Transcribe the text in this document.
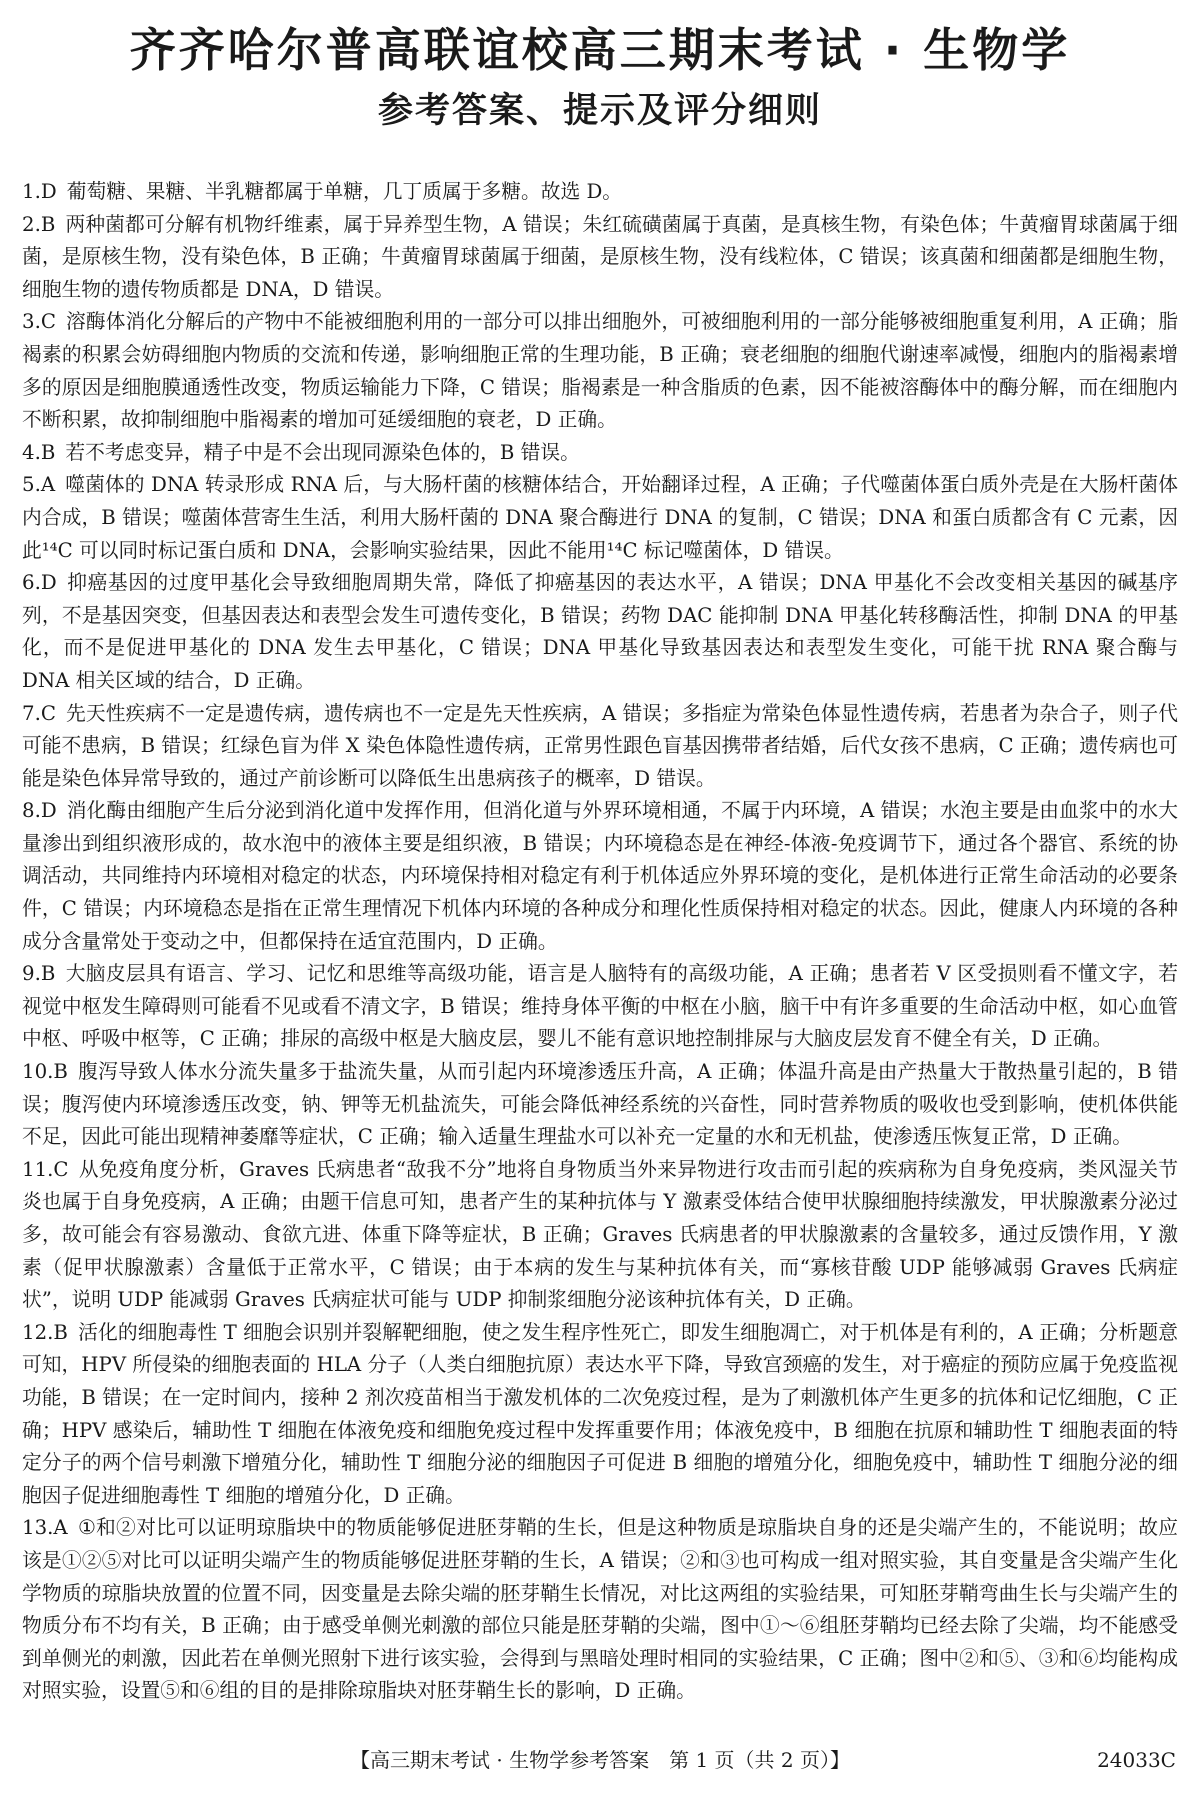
齐齐哈尔普高联谊校高三期末考试 · 生物学
参考答案、提示及评分细则
1.D 葡萄糖、果糖、半乳糖都属于单糖，几丁质属于多糖。故选 D。
2.B 两种菌都可分解有机物纤维素，属于异养型生物，A 错误；朱红硫磺菌属于真菌，是真核生物，有染色体；牛黄瘤胃球菌属于细菌，是原核生物，没有染色体，B 正确；牛黄瘤胃球菌属于细菌，是原核生物，没有线粒体，C 错误；该真菌和细菌都是细胞生物，细胞生物的遗传物质都是 DNA，D 错误。
3.C 溶酶体消化分解后的产物中不能被细胞利用的一部分可以排出细胞外，可被细胞利用的一部分能够被细胞重复利用，A 正确；脂褐素的积累会妨碍细胞内物质的交流和传递，影响细胞正常的生理功能，B 正确；衰老细胞的细胞代谢速率减慢，细胞内的脂褐素增多的原因是细胞膜通透性改变，物质运输能力下降，C 错误；脂褐素是一种含脂质的色素，因不能被溶酶体中的酶分解，而在细胞内不断积累，故抑制细胞中脂褐素的增加可延缓细胞的衰老，D 正确。
4.B 若不考虑变异，精子中是不会出现同源染色体的，B 错误。
5.A 噬菌体的 DNA 转录形成 RNA 后，与大肠杆菌的核糖体结合，开始翻译过程，A 正确；子代噬菌体蛋白质外壳是在大肠杆菌体内合成，B 错误；噬菌体营寄生生活，利用大肠杆菌的 DNA 聚合酶进行 DNA 的复制，C 错误；DNA 和蛋白质都含有 C 元素，因此¹⁴C 可以同时标记蛋白质和 DNA，会影响实验结果，因此不能用¹⁴C 标记噬菌体，D 错误。
6.D 抑癌基因的过度甲基化会导致细胞周期失常，降低了抑癌基因的表达水平，A 错误；DNA 甲基化不会改变相关基因的碱基序列，不是基因突变，但基因表达和表型会发生可遗传变化，B 错误；药物 DAC 能抑制 DNA 甲基化转移酶活性，抑制 DNA 的甲基化，而不是促进甲基化的 DNA 发生去甲基化，C 错误；DNA 甲基化导致基因表达和表型发生变化，可能干扰 RNA 聚合酶与 DNA 相关区域的结合，D 正确。
7.C 先天性疾病不一定是遗传病，遗传病也不一定是先天性疾病，A 错误；多指症为常染色体显性遗传病，若患者为杂合子，则子代可能不患病，B 错误；红绿色盲为伴 X 染色体隐性遗传病，正常男性跟色盲基因携带者结婚，后代女孩不患病，C 正确；遗传病也可能是染色体异常导致的，通过产前诊断可以降低生出患病孩子的概率，D 错误。
8.D 消化酶由细胞产生后分泌到消化道中发挥作用，但消化道与外界环境相通，不属于内环境，A 错误；水泡主要是由血浆中的水大量渗出到组织液形成的，故水泡中的液体主要是组织液，B 错误；内环境稳态是在神经-体液-免疫调节下，通过各个器官、系统的协调活动，共同维持内环境相对稳定的状态，内环境保持相对稳定有利于机体适应外界环境的变化，是机体进行正常生命活动的必要条件，C 错误；内环境稳态是指在正常生理情况下机体内环境的各种成分和理化性质保持相对稳定的状态。因此，健康人内环境的各种成分含量常处于变动之中，但都保持在适宜范围内，D 正确。
9.B 大脑皮层具有语言、学习、记忆和思维等高级功能，语言是人脑特有的高级功能，A 正确；患者若 V 区受损则看不懂文字，若视觉中枢发生障碍则可能看不见或看不清文字，B 错误；维持身体平衡的中枢在小脑，脑干中有许多重要的生命活动中枢，如心血管中枢、呼吸中枢等，C 正确；排尿的高级中枢是大脑皮层，婴儿不能有意识地控制排尿与大脑皮层发育不健全有关，D 正确。
10.B 腹泻导致人体水分流失量多于盐流失量，从而引起内环境渗透压升高，A 正确；体温升高是由产热量大于散热量引起的，B 错误；腹泻使内环境渗透压改变，钠、钾等无机盐流失，可能会降低神经系统的兴奋性，同时营养物质的吸收也受到影响，使机体供能不足，因此可能出现精神萎靡等症状，C 正确；输入适量生理盐水可以补充一定量的水和无机盐，使渗透压恢复正常，D 正确。
11.C 从免疫角度分析，Graves 氏病患者“敌我不分”地将自身物质当外来异物进行攻击而引起的疾病称为自身免疫病，类风湿关节炎也属于自身免疫病，A 正确；由题干信息可知，患者产生的某种抗体与 Y 激素受体结合使甲状腺细胞持续激发，甲状腺激素分泌过多，故可能会有容易激动、食欲亢进、体重下降等症状，B 正确；Graves 氏病患者的甲状腺激素的含量较多，通过反馈作用，Y 激素（促甲状腺激素）含量低于正常水平，C 错误；由于本病的发生与某种抗体有关，而“寡核苷酸 UDP 能够减弱 Graves 氏病症状”，说明 UDP 能减弱 Graves 氏病症状可能与 UDP 抑制浆细胞分泌该种抗体有关，D 正确。
12.B 活化的细胞毒性 T 细胞会识别并裂解靶细胞，使之发生程序性死亡，即发生细胞凋亡，对于机体是有利的，A 正确；分析题意可知，HPV 所侵染的细胞表面的 HLA 分子（人类白细胞抗原）表达水平下降，导致宫颈癌的发生，对于癌症的预防应属于免疫监视功能，B 错误；在一定时间内，接种 2 剂次疫苗相当于激发机体的二次免疫过程，是为了刺激机体产生更多的抗体和记忆细胞，C 正确；HPV 感染后，辅助性 T 细胞在体液免疫和细胞免疫过程中发挥重要作用；体液免疫中，B 细胞在抗原和辅助性 T 细胞表面的特定分子的两个信号刺激下增殖分化，辅助性 T 细胞分泌的细胞因子可促进 B 细胞的增殖分化，细胞免疫中，辅助性 T 细胞分泌的细胞因子促进细胞毒性 T 细胞的增殖分化，D 正确。
13.A ①和②对比可以证明琼脂块中的物质能够促进胚芽鞘的生长，但是这种物质是琼脂块自身的还是尖端产生的，不能说明；故应该是①②⑤对比可以证明尖端产生的物质能够促进胚芽鞘的生长，A 错误；②和③也可构成一组对照实验，其自变量是含尖端产生化学物质的琼脂块放置的位置不同，因变量是去除尖端的胚芽鞘生长情况，对比这两组的实验结果，可知胚芽鞘弯曲生长与尖端产生的物质分布不均有关，B 正确；由于感受单侧光刺激的部位只能是胚芽鞘的尖端，图中①～⑥组胚芽鞘均已经去除了尖端，均不能感受到单侧光的刺激，因此若在单侧光照射下进行该实验，会得到与黑暗处理时相同的实验结果，C 正确；图中②和⑤、③和⑥均能构成对照实验，设置⑤和⑥组的目的是排除琼脂块对胚芽鞘生长的影响，D 正确。
【高三期末考试 · 生物学参考答案　第 1 页（共 2 页）】	24033C
